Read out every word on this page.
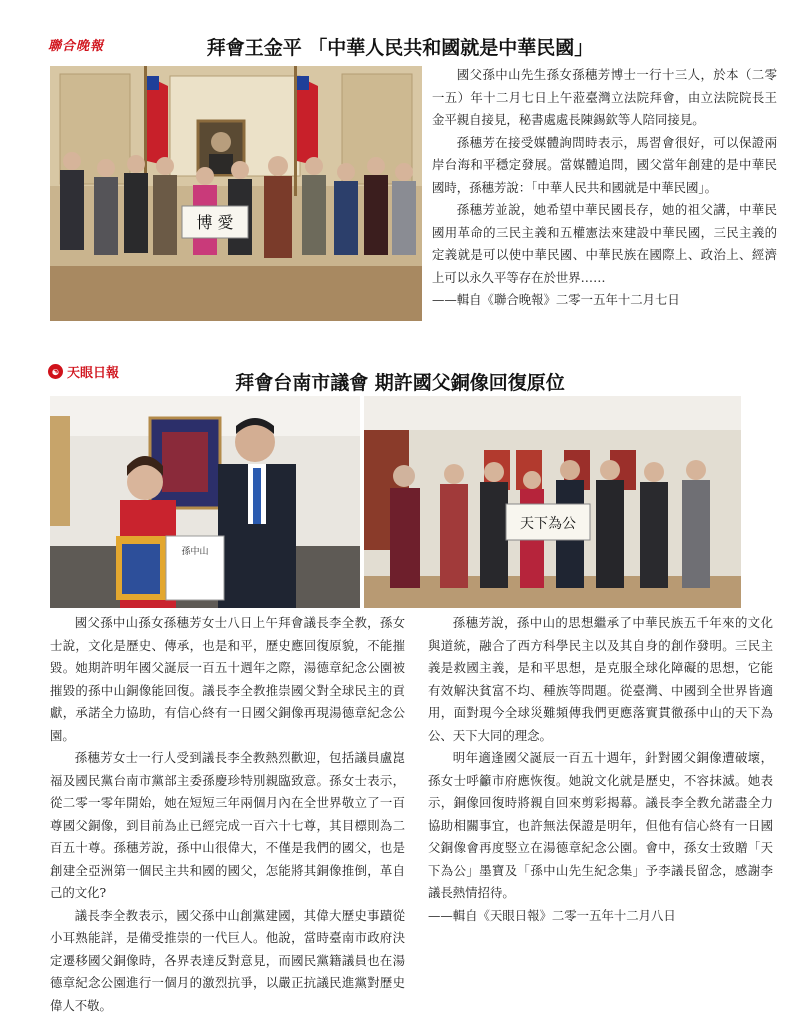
聯合晚報	拜會王金平 「中華人民共和國就是中華民國」
博 愛

國父孫中山先生孫女孫穗芳博士一行十三人，於本（二零一五）年十二月七日上午蒞臺灣立法院拜會，由立法院院長王金平親自接見，秘書處處長陳錫欽等人陪同接見。

孫穗芳在接受媒體詢問時表示，馬習會很好，可以保證兩岸台海和平穩定發展。當媒體追問，國父當年創建的是中華民國時，孫穗芳說：「中華人民共和國就是中華民國」。

孫穗芳並說，她希望中華民國長存，她的祖父講，中華民國用革命的三民主義和五權憲法來建設中華民國，三民主義的定義就是可以使中華民國、中華民族在國際上、政治上、經濟上可以永久平等存在於世界……

——輯自《聯合晚報》二零一五年十二月七日

☯ 天眼日報	拜會台南市議會 期許國父銅像回復原位
孫中山
天下為公

國父孫中山孫女孫穗芳女士八日上午拜會議長李全教，孫女士說，文化是歷史、傳承，也是和平，歷史應回復原貌，不能摧毀。她期許明年國父誕辰一百五十週年之際，湯德章紀念公園被摧毀的孫中山銅像能回復。議長李全教推崇國父對全球民主的貢獻，承諾全力協助，有信心終有一日國父銅像再現湯德章紀念公園。

孫穗芳女士一行人受到議長李全教熱烈歡迎，包括議員盧崑福及國民黨台南市黨部主委孫慶珍特別親臨致意。孫女士表示，從二零一零年開始，她在短短三年兩個月內在全世界敬立了一百尊國父銅像，到目前為止已經完成一百六十七尊，其目標則為二百五十尊。孫穗芳說，孫中山很偉大，不僅是我們的國父，也是創建全亞洲第一個民主共和國的國父，怎能將其銅像推倒，革自己的文化?

議長李全教表示，國父孫中山創黨建國，其偉大歷史事蹟從小耳熟能詳，是備受推崇的一代巨人。他說，當時臺南市政府決定遷移國父銅像時，各界表達反對意見，而國民黨籍議員也在湯德章紀念公園進行一個月的激烈抗爭，以嚴正抗議民進黨對歷史偉人不敬。

孫穗芳說，孫中山的思想繼承了中華民族五千年來的文化與道統，融合了西方科學民主以及其自身的創作發明。三民主義是救國主義，是和平思想，是克服全球化障礙的思想，它能有效解決貧富不均、種族等問題。從臺灣、中國到全世界皆適用，面對現今全球災難頻傳我們更應落實貫徹孫中山的天下為公、天下大同的理念。

明年適逢國父誕辰一百五十週年，針對國父銅像遭破壞，孫女士呼籲市府應恢復。她說文化就是歷史，不容抹滅。她表示，銅像回復時將親自回來剪彩揭幕。議長李全教允諾盡全力協助相關事宜，也許無法保證是明年，但他有信心終有一日國父銅像會再度竪立在湯德章紀念公園。會中，孫女士致贈「天下為公」墨寶及「孫中山先生紀念集」予李議長留念，感謝李議長熱情招待。

——輯自《天眼日報》二零一五年十二月八日
